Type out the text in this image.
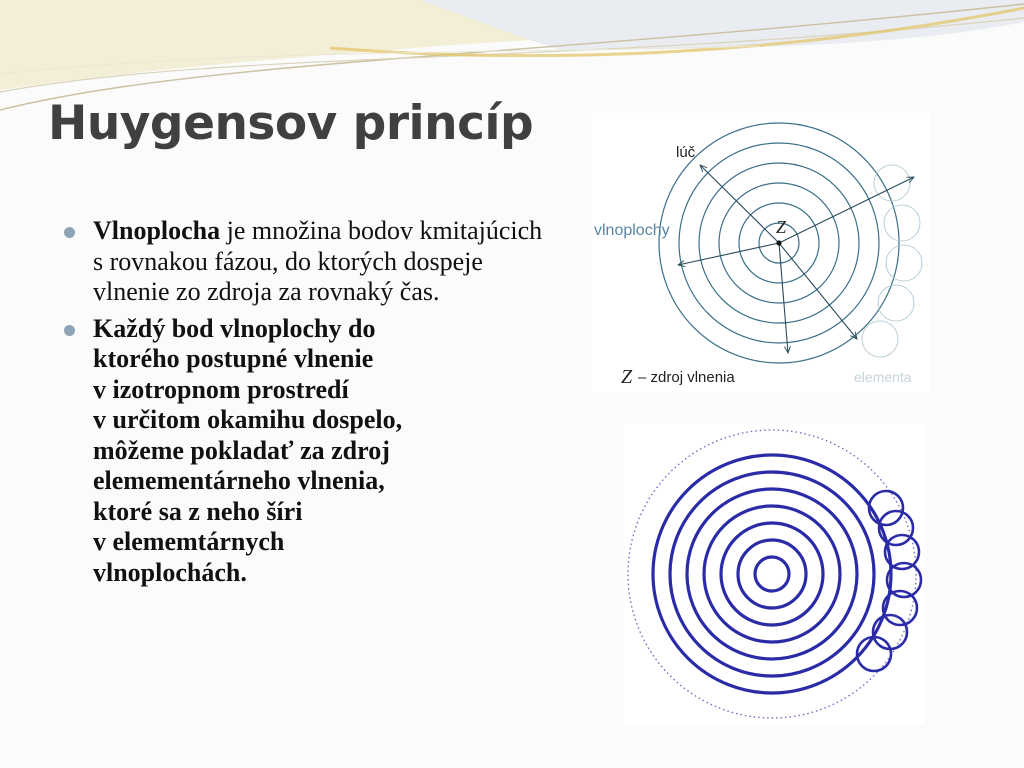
Huygensov princíp
Vlnoplocha je množina bodov kmitajúcich s rovnakou fázou, do ktorých dospeje vlnenie zo zdroja za rovnaký čas.
Každý bod vlnoplochy do
ktorého postupné vlnenie
v izotropnom prostredí
v určitom okamihu dospelo,
môžeme pokladať za zdroj
elemementárneho vlnenia,
ktoré sa z neho šíri
v elememtárnych
vlnoplochách.
lúč
vlnoplochy	Z
Z – zdroj vlnenia	elementa
